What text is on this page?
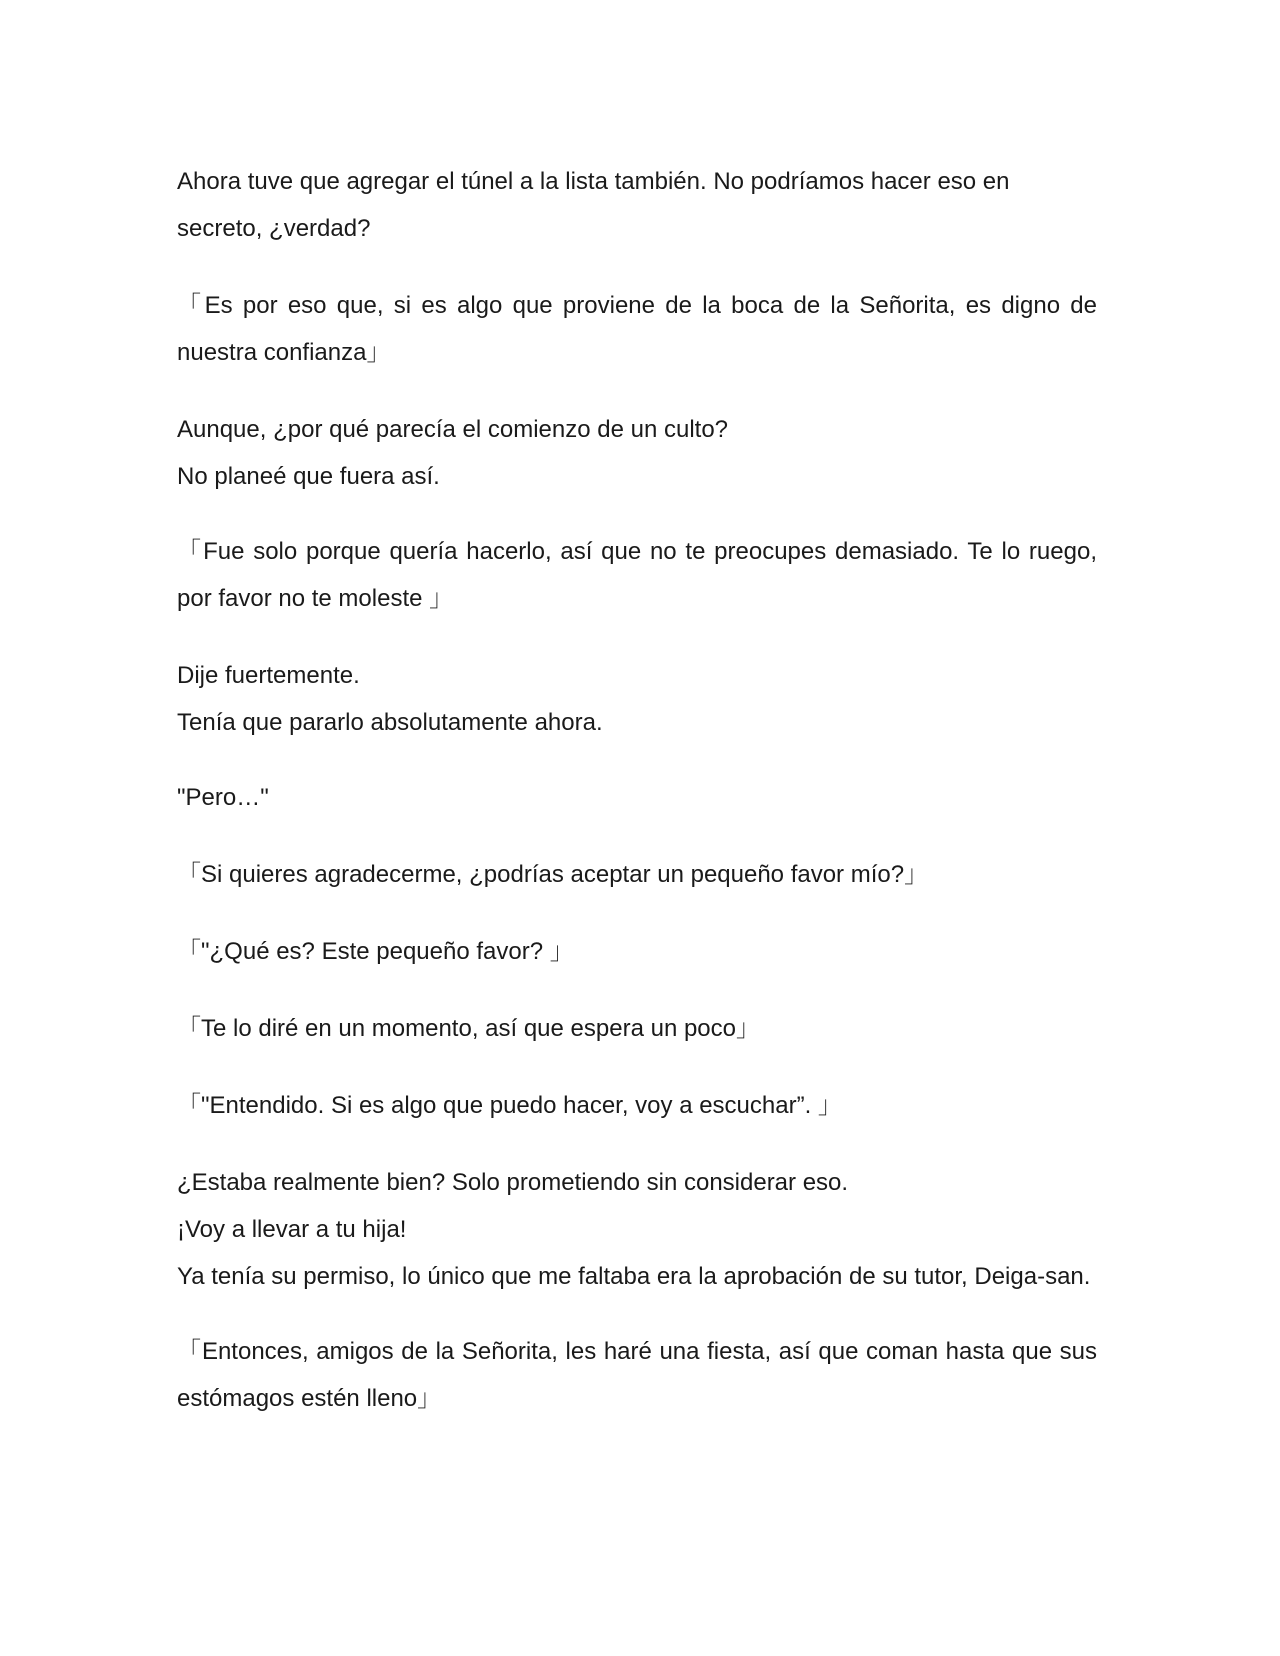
Ahora tuve que agregar el túnel a la lista también. No podríamos hacer eso en secreto, ¿verdad?

「Es por eso que, si es algo que proviene de la boca de la Señorita, es digno de nuestra confianza」

Aunque, ¿por qué parecía el comienzo de un culto?
No planeé que fuera así.

「Fue solo porque quería hacerlo, así que no te preocupes demasiado. Te lo ruego, por favor no te moleste 」

Dije fuertemente.
Tenía que pararlo absolutamente ahora.

"Pero…"

「Si quieres agradecerme, ¿podrías aceptar un pequeño favor mío?」

「"¿Qué es? Este pequeño favor? 」

「Te lo diré en un momento, así que espera un poco」

「"Entendido. Si es algo que puedo hacer, voy a escuchar”. 」

¿Estaba realmente bien? Solo prometiendo sin considerar eso.
¡Voy a llevar a tu hija!
Ya tenía su permiso, lo único que me faltaba era la aprobación de su tutor, Deiga-san.

「Entonces, amigos de la Señorita, les haré una fiesta, así que coman hasta que sus estómagos estén lleno」
